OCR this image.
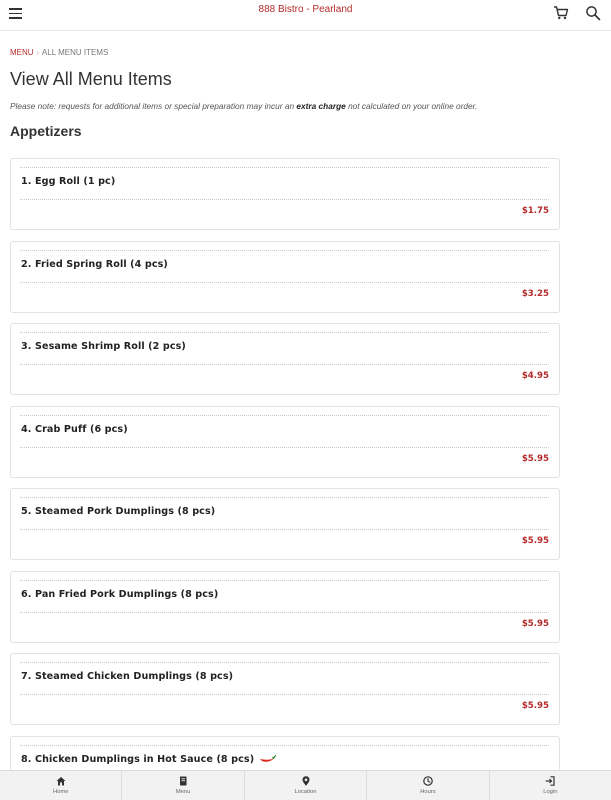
888 Bistro - Pearland
MENU › ALL MENU ITEMS
View All Menu Items
Please note: requests for additional items or special preparation may incur an extra charge not calculated on your online order.
Appetizers
1. Egg Roll (1 pc)
$1.75
2. Fried Spring Roll (4 pcs)
$3.25
3. Sesame Shrimp Roll (2 pcs)
$4.95
4. Crab Puff (6 pcs)
$5.95
5. Steamed Pork Dumplings (8 pcs)
$5.95
6. Pan Fried Pork Dumplings (8 pcs)
$5.95
7. Steamed Chicken Dumplings (8 pcs)
$5.95
8. Chicken Dumplings in Hot Sauce (8 pcs)
Home	Menu	Location	Hours	Login
